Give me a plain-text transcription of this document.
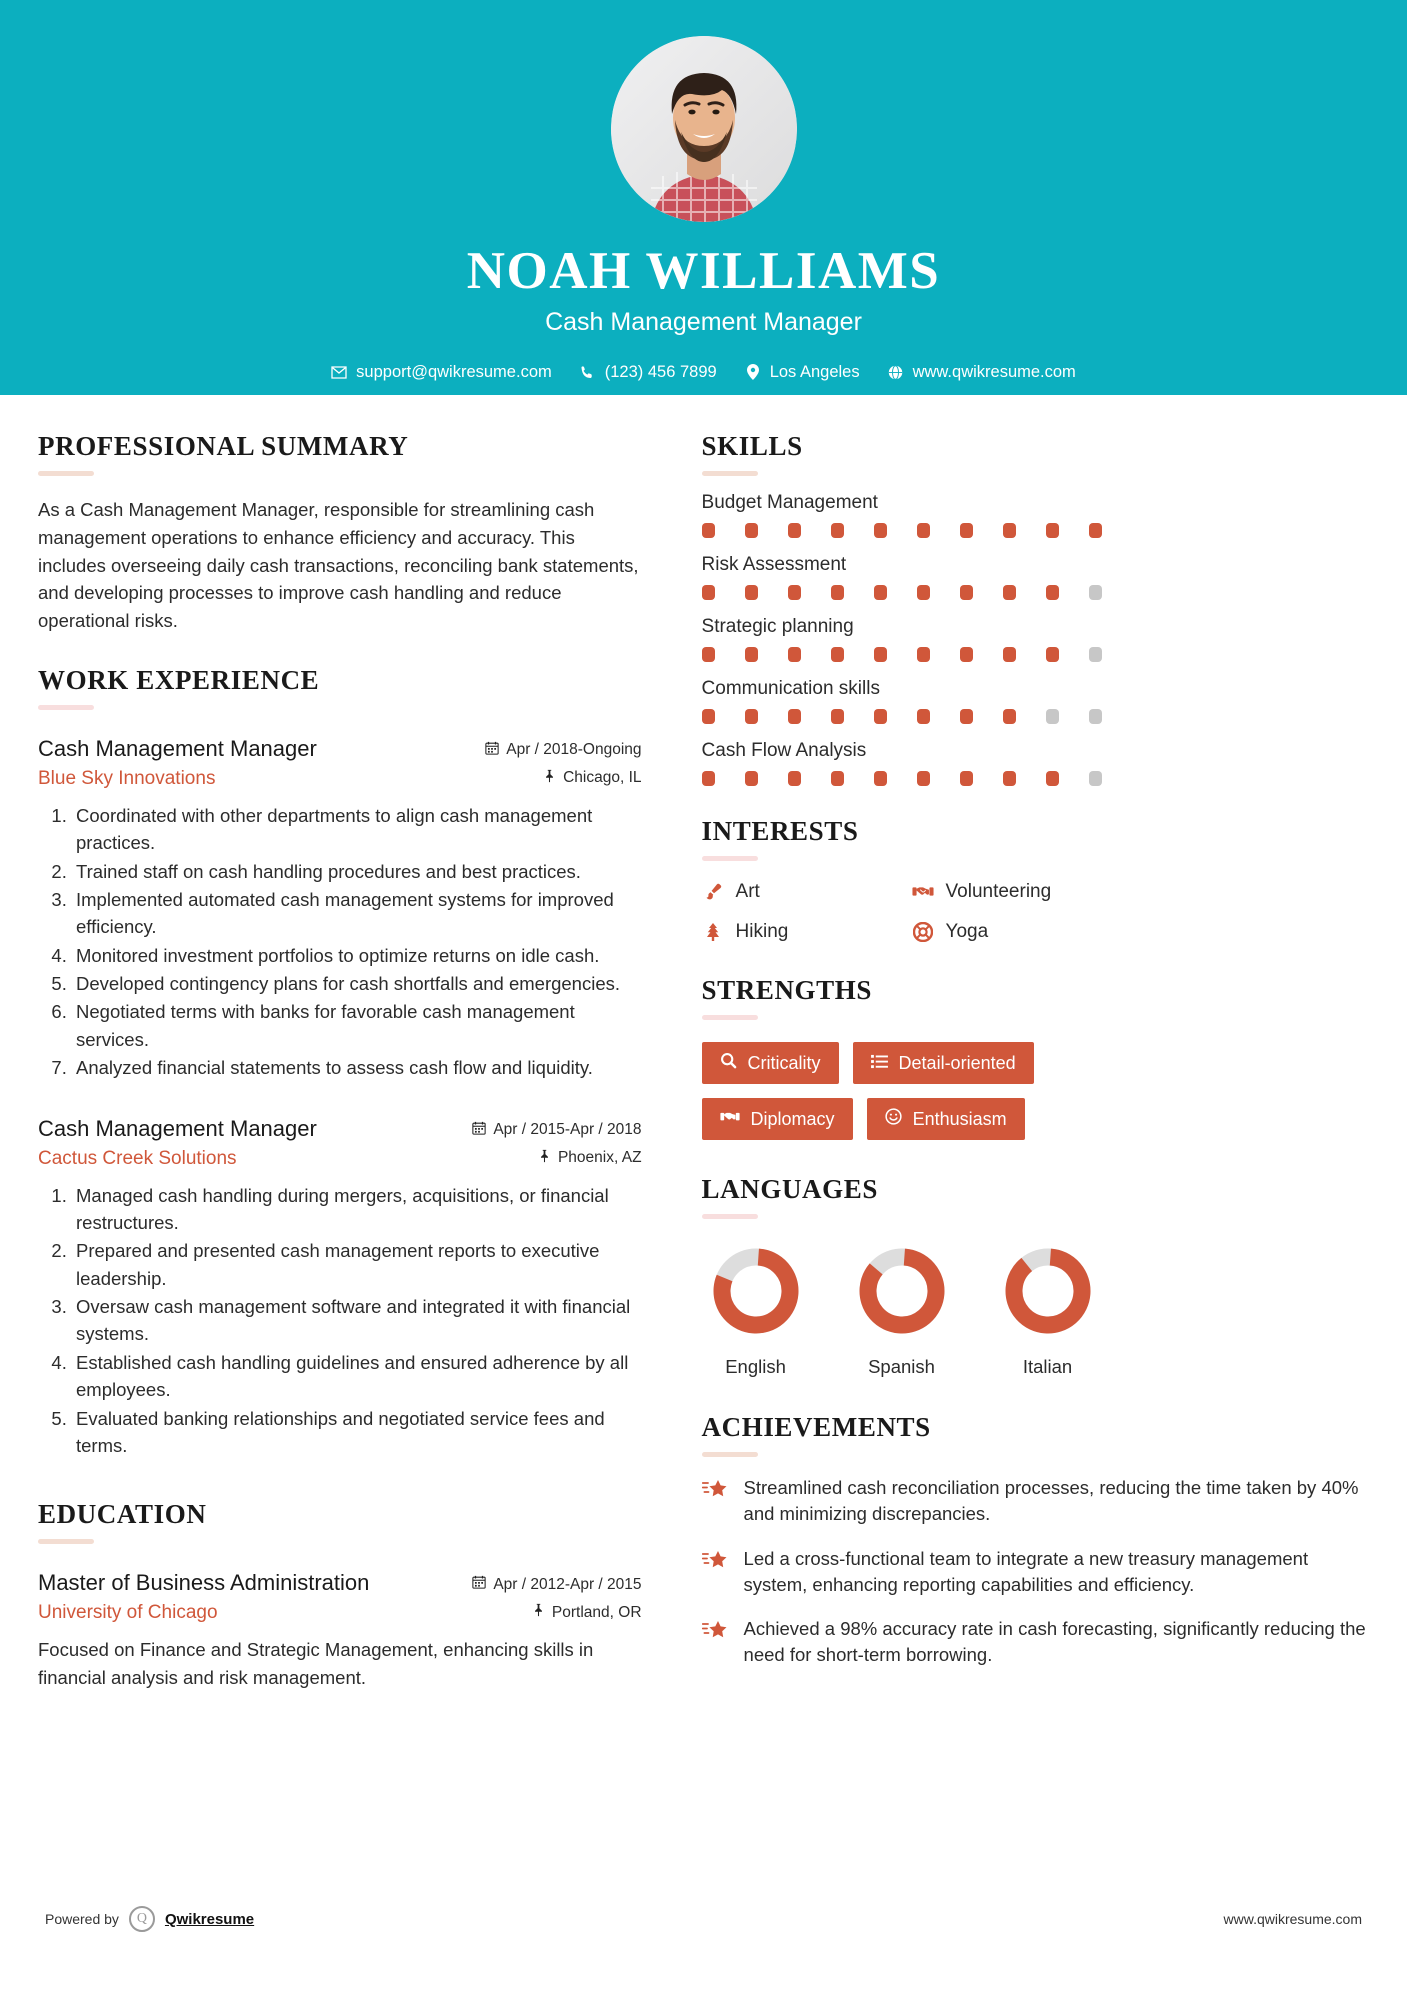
NOAH WILLIAMS
Cash Management Manager
support@qwikresume.com	(123) 456 7899	Los Angeles	www.qwikresume.com
PROFESSIONAL SUMMARY

As a Cash Management Manager, responsible for streamlining cash management operations to enhance efficiency and accuracy. This includes overseeing daily cash transactions, reconciling bank statements, and developing processes to improve cash handling and reduce operational risks.

WORK EXPERIENCE
Cash Management Manager
Blue Sky Innovations
Apr / 2018-Ongoing
Chicago, IL
1. Coordinated with other departments to align cash management practices.
2. Trained staff on cash handling procedures and best practices.
3. Implemented automated cash management systems for improved efficiency.
4. Monitored investment portfolios to optimize returns on idle cash.
5. Developed contingency plans for cash shortfalls and emergencies.
6. Negotiated terms with banks for favorable cash management services.
7. Analyzed financial statements to assess cash flow and liquidity.
Cash Management Manager
Cactus Creek Solutions
Apr / 2015-Apr / 2018
Phoenix, AZ
1. Managed cash handling during mergers, acquisitions, or financial restructures.
2. Prepared and presented cash management reports to executive leadership.
3. Oversaw cash management software and integrated it with financial systems.
4. Established cash handling guidelines and ensured adherence by all employees.
5. Evaluated banking relationships and negotiated service fees and terms.
EDUCATION
Master of Business Administration
University of Chicago
Apr / 2012-Apr / 2015
Portland, OR

Focused on Finance and Strategic Management, enhancing skills in financial analysis and risk management.

SKILLS
Budget Management
Risk Assessment
Strategic planning
Communication skills
Cash Flow Analysis
INTERESTS
Art	Volunteering
Hiking	Yoga
STRENGTHS
Criticality	Detail-oriented
Diplomacy	Enthusiasm
LANGUAGES
English	Spanish	Italian
ACHIEVEMENTS
Streamlined cash reconciliation processes, reducing the time taken by 40% and minimizing discrepancies.
Led a cross-functional team to integrate a new treasury management system, enhancing reporting capabilities and efficiency.
Achieved a 98% accuracy rate in cash forecasting, significantly reducing the need for short-term borrowing.
Powered by	Q	Qwikresume	www.qwikresume.com
